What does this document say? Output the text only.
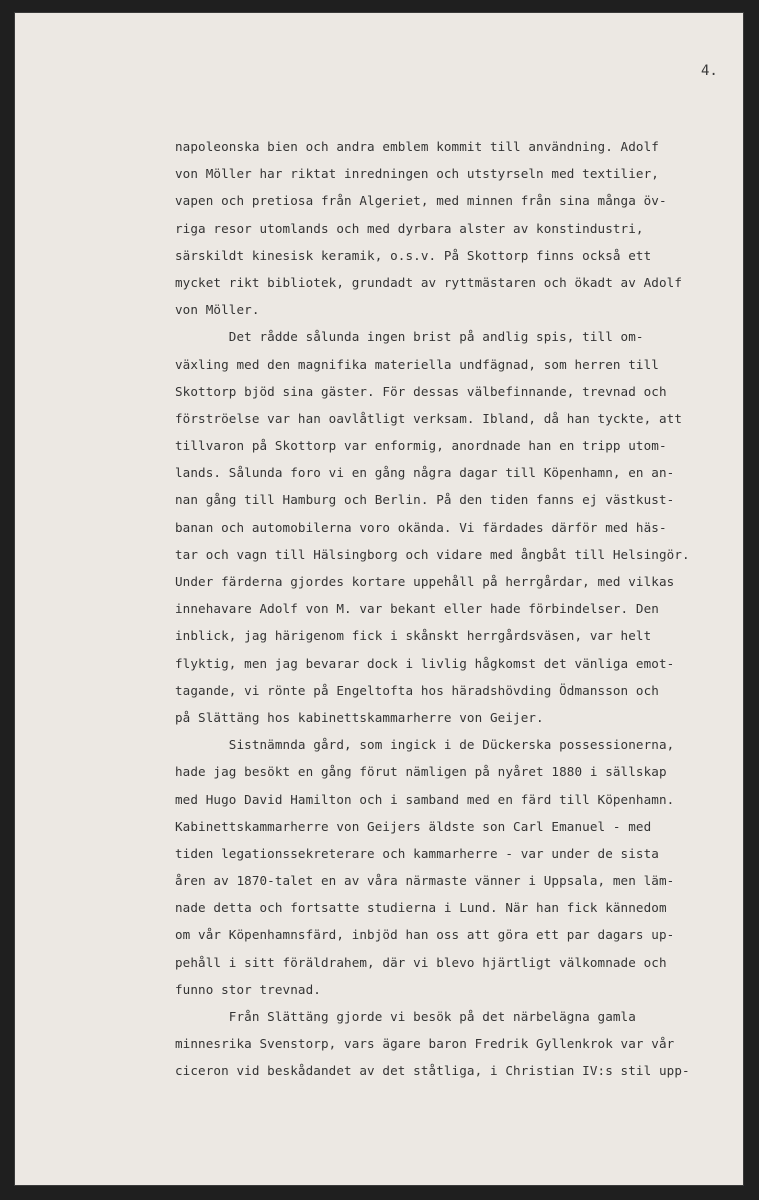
4.
napoleonska bien och andra emblem kommit till användning. Adolf
von Möller har riktat inredningen och utstyrseln med textilier,
vapen och pretiosa från Algeriet, med minnen från sina många öv-
riga resor utomlands och med dyrbara alster av konstindustri,
särskildt kinesisk keramik, o.s.v. På Skottorp finns också ett
mycket rikt bibliotek, grundadt av ryttmästaren och ökadt av Adolf
von Möller.
Det rådde sålunda ingen brist på andlig spis, till om-
växling med den magnifika materiella undfägnad, som herren till
Skottorp bjöd sina gäster. För dessas välbefinnande, trevnad och
förströelse var han oavlåtligt verksam. Ibland, då han tyckte, att
tillvaron på Skottorp var enformig, anordnade han en tripp utom-
lands. Sålunda foro vi en gång några dagar till Köpenhamn, en an-
nan gång till Hamburg och Berlin. På den tiden fanns ej västkust-
banan och automobilerna voro okända. Vi färdades därför med häs-
tar och vagn till Hälsingborg och vidare med ångbåt till Helsingör.
Under färderna gjordes kortare uppehåll på herrgårdar, med vilkas
innehavare Adolf von M. var bekant eller hade förbindelser. Den
inblick, jag härigenom fick i skånskt herrgårdsväsen, var helt
flyktig, men jag bevarar dock i livlig hågkomst det vänliga emot-
tagande, vi rönte på Engeltofta hos häradshövding Ödmansson och
på Slättäng hos kabinettskammarherre von Geijer.
Sistnämnda gård, som ingick i de Dückerska possessionerna,
hade jag besökt en gång förut nämligen på nyåret 1880 i sällskap
med Hugo David Hamilton och i samband med en färd till Köpenhamn.
Kabinettskammarherre von Geijers äldste son Carl Emanuel - med
tiden legationssekreterare och kammarherre - var under de sista
åren av 1870-talet en av våra närmaste vänner i Uppsala, men läm-
nade detta och fortsatte studierna i Lund. När han fick kännedom
om vår Köpenhamnsfärd, inbjöd han oss att göra ett par dagars up-
pehåll i sitt föräldrahem, där vi blevo hjärtligt välkomnade och
funno stor trevnad.
Från Slättäng gjorde vi besök på det närbelägna gamla
minnesrika Svenstorp, vars ägare baron Fredrik Gyllenkrok var vår
ciceron vid beskådandet av det ståtliga, i Christian IV:s stil upp-
